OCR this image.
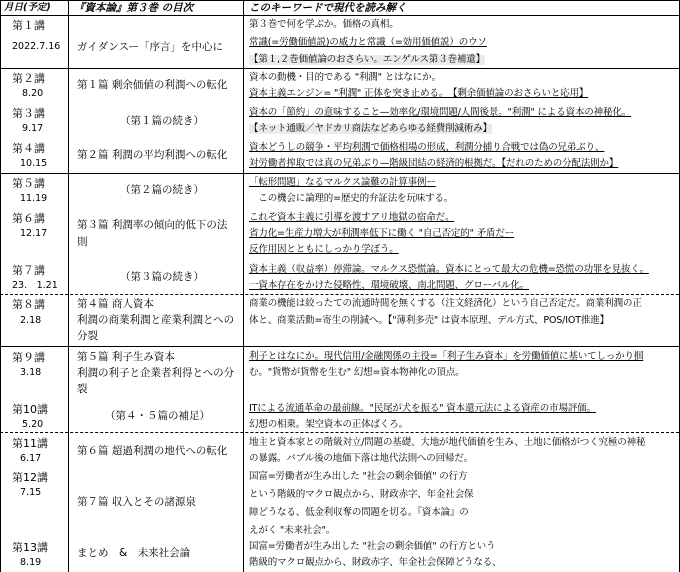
月日(予定) 『資本論』第３巻 の目次	このキーワードで現代を読み解く
第１講
2022.7.16 ガイダンスー「序言」を中心に
第３巻で何を学ぶか。価格の真相。
常識(=労働価値説)の威力と常識（=効用価値説）のウソ
【第１,２巻価値論のおさらい。エンゲルス第３巻補遺】
第２講
8.20
第１篇 剰余価値の利潤への転化
資本の動機・目的である "利潤" とはなにか。
資本主義エンジン= "利潤" 正体を突き止める。　【剰余価値論のおさらいと応用】
第３講
9.17
（第１篇の続き）
資本の「節約」の意味すること—効率化/環境問題/人間後景。"利潤" による資本の神秘化。
【ネット通販／ヤドカリ商法などあらゆる経費削減術み】
第４講
10.15
第２篇 利潤の平均利潤への転化
資本どうしの競争・平均利潤で価格相場の形成、利潤分捕り合戦では偽の兄弟ぶり、
対労働者搾取では真の兄弟ぶり—階級団結の経済的根拠だ。【だれのための分配法則か】
第５講
11.19
（第２篇の続き）
「転形問題」なるマルクス論難の計算事例ー
　この機会に論理的=歴史的弁証法を玩味する。
第６講
12.17
第３篇 利潤率の傾向的低下の法
則
これぞ資本主義に引導を渡すアリ地獄の宿命だ。
省力化=生産力増大が利潤率低下に働く "自己否定的" 矛盾だー
反作用因とともにしっかり学ぼう。
第７講
23.　1.21
（第３篇の続き）
資本主義（収益率）停滞論。マルクス恐慌論。資本にとって最大の危機=恐慌の功罪を見抜く。
一資本存在をかけた侵略性、環境破壊、南北問題、グローバル化。
第８講
2.18
第４篇 商人資本
利潤の商業利潤と産業利潤とへの
分裂
商業の機能は絞ったての流通時間を無くする（注文経済化）という自己否定だ。商業利潤の正
体と、商業活動=寄生の削減へ。【"薄利多売" は資本原理、デル方式、POS/IOT推進】
第９講
3.18
第５篇 利子生み資本
利潤の利子と企業者利得とへの分
裂
利子とはなにか。現代信用/金融関係の主役=「利子生み資本」を労働価値に基いてしっかり掴
む。"貨幣が貨幣を生む" 幻想=資本物神化の頂点。
第10講
5.20
（第４・５篇の補足）
ITによる流通革命の最前線。"民尾が犬を振る" 資本還元法による資産の市場評価。
幻想の相乗。架空資本の正体ばくろ。
第11講
6.17
第６篇 超過利潤の地代への転化
地主と資本家との階級対立/問題の基礎、大地が地代価値を生み、土地に価格がつく究極の神秘
の暴露。バブル後の地価下落は地代法則への回帰だ。
第12講
7.15
第７篇 収入とその諸源泉
国富=労働者が生み出した "社会の剰余価値" の行方
という階級的マクロ観点から、財政赤字、年金社会保
障どうなる、低金利収奪の問題を切る。『資本論』の
えがく "未来社会"。
第13講
8.19
まとめ　&　未来社会論
国富=労働者が生み出した "社会の剰余価値" の行方という
階級的マクロ観点から、財政赤字、年金社会保障どうなる、
